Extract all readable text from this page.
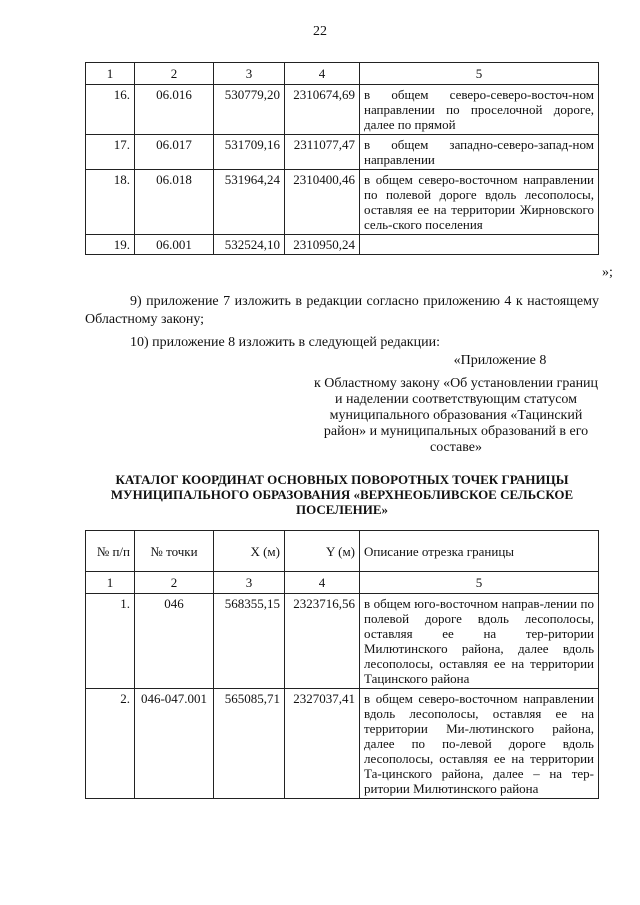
22
1	2	3	4	5
16.	06.016	530779,20	2310674,69	в общем северо-северо-восточ-ном направлении по проселочной дороге, далее по прямой
17.	06.017	531709,16	2311077,47	в общем западно-северо-запад-ном направлении
18.	06.018	531964,24	2310400,46	в общем северо-восточном направлении по полевой дороге вдоль лесополосы, оставляя ее на территории Жирновского сель-ского поселения
19.	06.001	532524,10	2310950,24	
»;
9) приложение 7 изложить в редакции согласно приложению 4 к настоящему Областному закону;
10) приложение 8 изложить в следующей редакции:
«Приложение 8
к Областному закону «Об установлении границ и наделении соответствующим статусом муниципального образования «Тацинский район» и муниципальных образований в его составе»
КАТАЛОГ КООРДИНАТ ОСНОВНЫХ ПОВОРОТНЫХ ТОЧЕК ГРАНИЦЫ МУНИЦИПАЛЬНОГО ОБРАЗОВАНИЯ «ВЕРХНЕОБЛИВСКОЕ СЕЛЬСКОЕ ПОСЕЛЕНИЕ»
№ п/п	№ точки	X (м)	Y (м)	Описание отрезка границы
1	2	3	4	5
1.	046	568355,15	2323716,56	в общем юго-восточном направ-лении по полевой дороге вдоль лесополосы, оставляя ее на тер-ритории Милютинского района, далее вдоль лесополосы, оставляя ее на территории Тацинского района
2.	046-047.001	565085,71	2327037,41	в общем северо-восточном направлении вдоль лесополосы, оставляя ее на территории Ми-лютинского района, далее по по-левой дороге вдоль лесополосы, оставляя ее на территории Та-цинского района, далее – на тер-ритории Милютинского района
